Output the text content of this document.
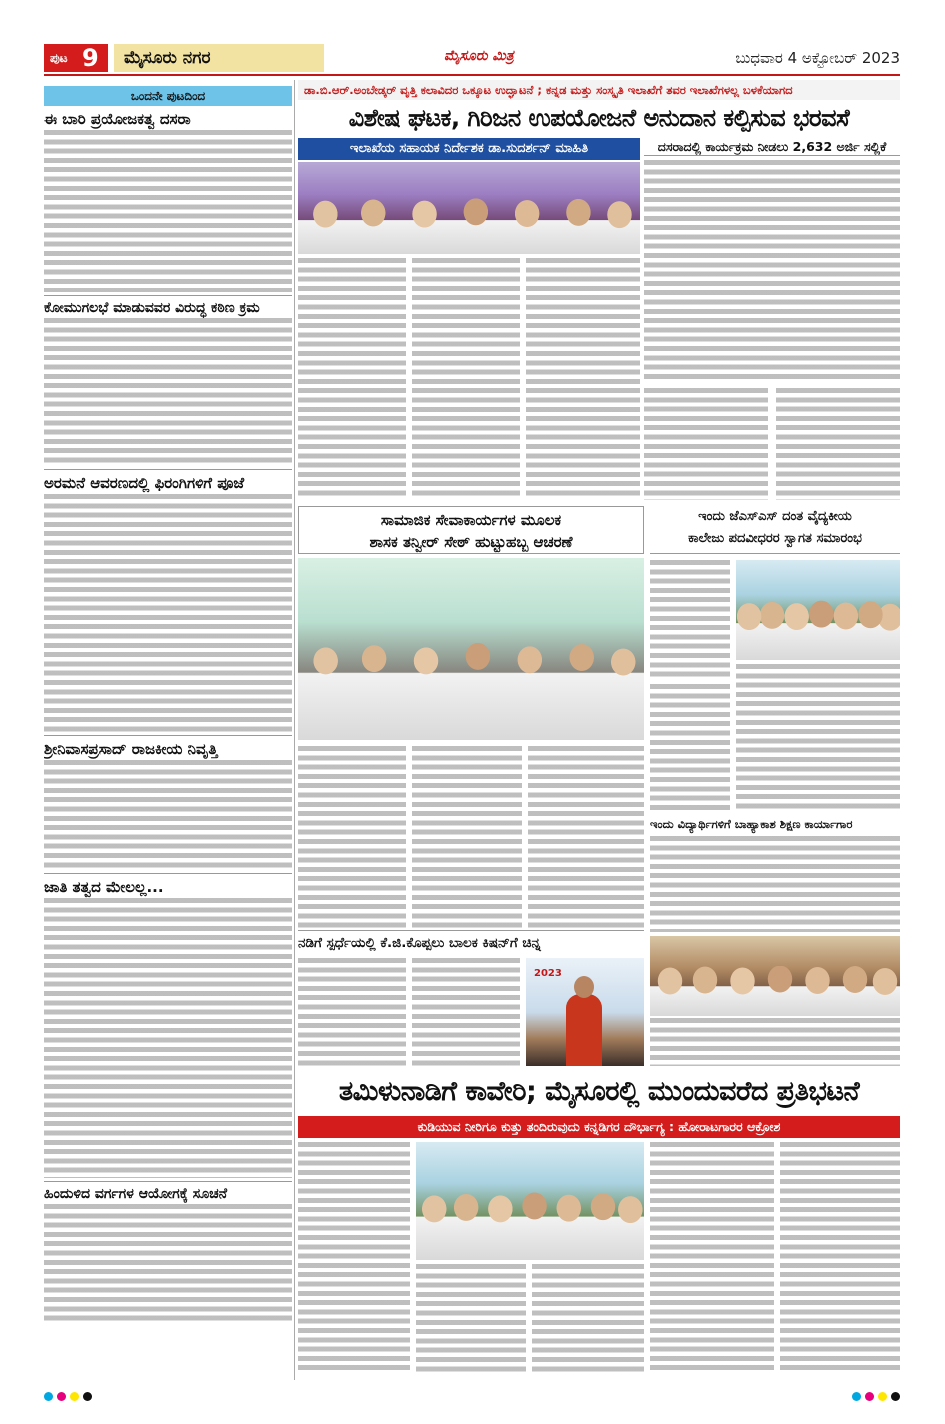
ಪುಟ 9	ಮೈಸೂರು ನಗರ	ಮೈಸೂರು ಮಿತ್ರ	ಬುಧವಾರ 4 ಅಕ್ಟೋಬರ್ 2023
ಒಂದನೇ ಪುಟದಿಂದ
ಈ ಬಾರಿ ಪ್ರಯೋಜಕತ್ವ ದಸರಾ
ಕೋಮುಗಲಭೆ ಮಾಡುವವರ ವಿರುದ್ಧ ಕಠಿಣ ಕ್ರಮ
ಅರಮನೆ ಆವರಣದಲ್ಲಿ ಫಿರಂಗಿಗಳಿಗೆ ಪೂಜೆ
ಶ್ರೀನಿವಾಸಪ್ರಸಾದ್ ರಾಜಕೀಯ ನಿವೃತ್ತಿ
ಜಾತಿ ತತ್ವದ ಮೇಲಲ್ಲ...
ಹಿಂದುಳಿದ ವರ್ಗಗಳ ಆಯೋಗಕ್ಕೆ ಸೂಚನೆ
ಡಾ.ಬಿ.ಆರ್.ಅಂಬೇಡ್ಕರ್ ವೃತ್ತಿ ಕಲಾವಿದರ ಒಕ್ಕೂಟ ಉದ್ಘಾಟನೆ ; ಕನ್ನಡ ಮತ್ತು ಸಂಸ್ಕೃತಿ ಇಲಾಖೆಗೆ ತವರ ಇಲಾಖೆಗಳಲ್ಲ ಬಳಕೆಯಾಗದ
ವಿಶೇಷ ಘಟಕ, ಗಿರಿಜನ ಉಪಯೋಜನೆ ಅನುದಾನ ಕಲ್ಪಿಸುವ ಭರವಸೆ
ಇಲಾಖೆಯ ಸಹಾಯಕ ನಿರ್ದೇಶಕ ಡಾ.ಸುದರ್ಶನ್ ಮಾಹಿತಿ	ದಸರಾದಲ್ಲಿ ಕಾರ್ಯಕ್ರಮ ನೀಡಲು 2,632 ಅರ್ಜಿ ಸಲ್ಲಿಕೆ
ಸಾಮಾಜಿಕ ಸೇವಾಕಾರ್ಯಗಳ ಮೂಲಕ
ಶಾಸಕ ತನ್ವೀರ್ ಸೇಠ್ ಹುಟ್ಟುಹಬ್ಬ ಆಚರಣೆ
ಇಂದು ಜೆಎಸ್‌ಎಸ್ ದಂತ ವೈದ್ಯಕೀಯ
ಕಾಲೇಜು ಪದವೀಧರರ ಸ್ವಾಗತ ಸಮಾರಂಭ
ಇಂದು ವಿದ್ಯಾರ್ಥಿಗಳಿಗೆ ಬಾಹ್ಯಾಕಾಶ ಶಿಕ್ಷಣ ಕಾರ್ಯಾಗಾರ
ನಡಿಗೆ ಸ್ಪರ್ಧೆಯಲ್ಲಿ ಕೆ.ಜಿ.ಕೊಪ್ಪಲು ಬಾಲಕ ಕಿಷನ್‌ಗೆ ಚಿನ್ನ
2023
ತಮಿಳುನಾಡಿಗೆ ಕಾವೇರಿ; ಮೈಸೂರಲ್ಲಿ ಮುಂದುವರೆದ ಪ್ರತಿಭಟನೆ
ಕುಡಿಯುವ ನೀರಿಗೂ ಕುತ್ತು ತಂದಿರುವುದು ಕನ್ನಡಿಗರ ದೌರ್ಭಾಗ್ಯ : ಹೋರಾಟಗಾರರ ಆಕ್ರೋಶ
